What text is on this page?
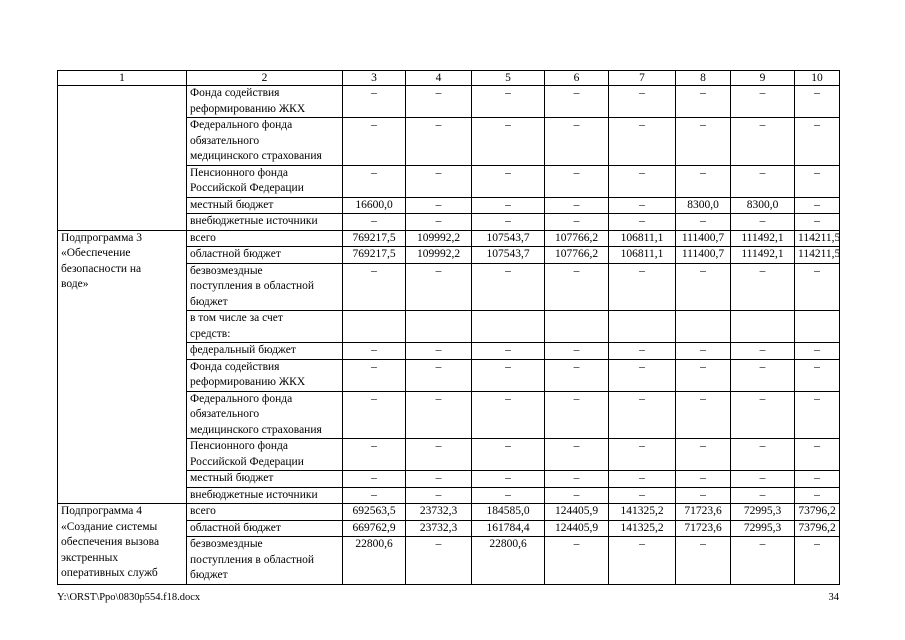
1	2	3	4	5	6	7	8	9	10

	Фонда содействия
реформированию ЖКХ	–	–	–	–	–	–	–	–

	Федерального фонда
обязательного
медицинского страхования	–	–	–	–	–	–	–	–

	Пенсионного фонда
Российской Федерации	–	–	–	–	–	–	–	–

	местный бюджет	16600,0	–	–	–	–	8300,0	8300,0	–

	внебюджетные источники	–	–	–	–	–	–	–	–

Подпрограмма 3
«Обеспечение
безопасности на
воде»	всего	769217,5	109992,2	107543,7	107766,2	106811,1	111400,7	111492,1	114211,5

	областной бюджет	769217,5	109992,2	107543,7	107766,2	106811,1	111400,7	111492,1	114211,5

	безвозмездные
поступления в областной
бюджет	–	–	–	–	–	–	–	–

	в том числе за счет
средств:								

	федеральный бюджет	–	–	–	–	–	–	–	–

	Фонда содействия
реформированию ЖКХ	–	–	–	–	–	–	–	–

	Федерального фонда
обязательного
медицинского страхования	–	–	–	–	–	–	–	–

	Пенсионного фонда
Российской Федерации	–	–	–	–	–	–	–	–

	местный бюджет	–	–	–	–	–	–	–	–

	внебюджетные источники	–	–	–	–	–	–	–	–

Подпрограмма 4
«Создание системы
обеспечения вызова
экстренных
оперативных служб	всего	692563,5	23732,3	184585,0	124405,9	141325,2	71723,6	72995,3	73796,2

	областной бюджет	669762,9	23732,3	161784,4	124405,9	141325,2	71723,6	72995,3	73796,2

	безвозмездные
поступления в областной
бюджет	22800,6	–	22800,6	–	–	–	–	–
Y:\ORST\Ppo\0830p554.f18.docx	34
